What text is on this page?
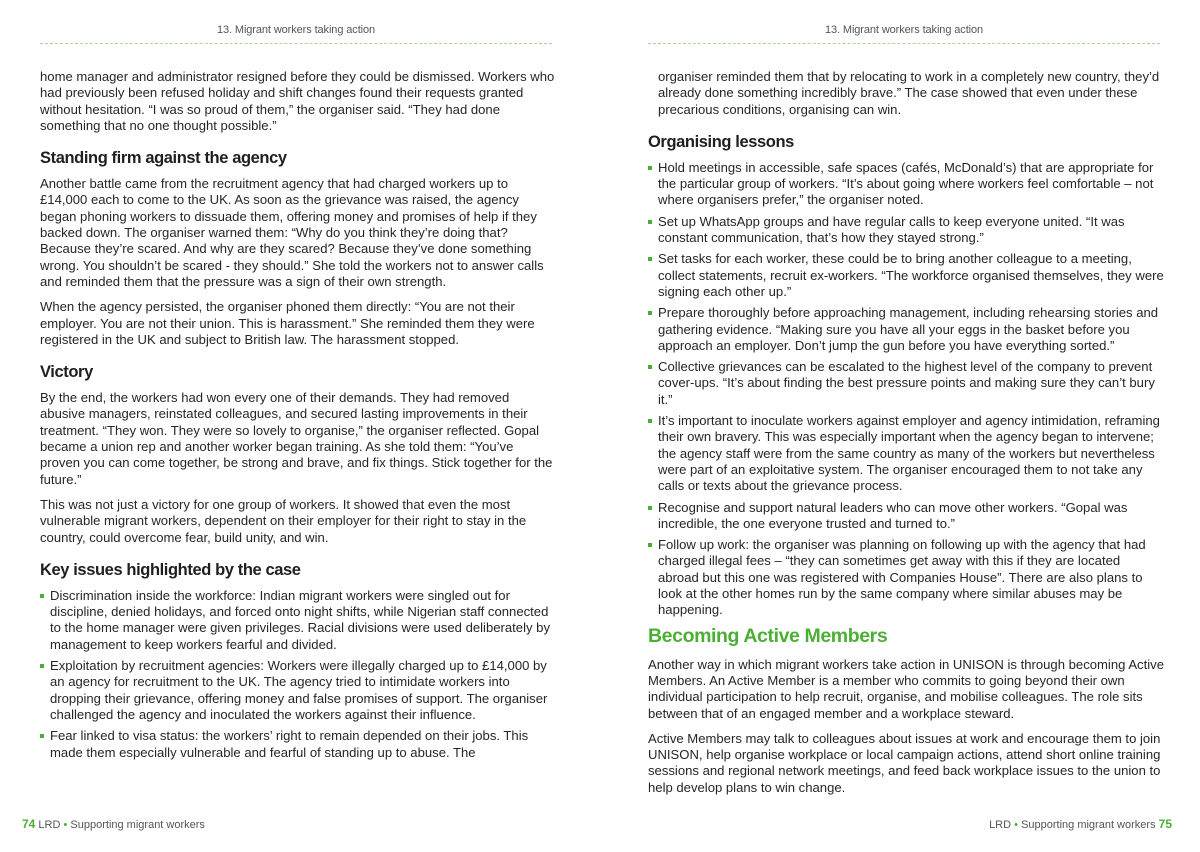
13. Migrant workers taking action

home manager and administrator resigned before they could be dismissed. Workers who had previously been refused holiday and shift changes found their requests granted without hesitation. “I was so proud of them,” the organiser said. “They had done something that no one thought possible.”

Standing firm against the agency

Another battle came from the recruitment agency that had charged workers up to £14,000 each to come to the UK. As soon as the grievance was raised, the agency began phoning workers to dissuade them, offering money and promises of help if they backed down. The organiser warned them: “Why do you think they’re doing that? Because they’re scared. And why are they scared? Because they’ve done something wrong. You shouldn’t be scared - they should.” She told the workers not to answer calls and reminded them that the pressure was a sign of their own strength.

When the agency persisted, the organiser phoned them directly: “You are not their employer. You are not their union. This is harassment.” She reminded them they were registered in the UK and subject to British law. The harassment stopped.

Victory

By the end, the workers had won every one of their demands. They had removed abusive managers, reinstated colleagues, and secured lasting improvements in their treatment. “They won. They were so lovely to organise,” the organiser reflected. Gopal became a union rep and another worker began training. As she told them: “You’ve proven you can come together, be strong and brave, and fix things. Stick together for the future.”

This was not just a victory for one group of workers. It showed that even the most vulnerable migrant workers, dependent on their employer for their right to stay in the country, could overcome fear, build unity, and win.

Key issues highlighted by the case
Discrimination inside the workforce: Indian migrant workers were singled out for discipline, denied holidays, and forced onto night shifts, while Nigerian staff connected to the home manager were given privileges. Racial divisions were used deliberately by management to keep workers fearful and divided.
Exploitation by recruitment agencies: Workers were illegally charged up to £14,000 by an agency for recruitment to the UK. The agency tried to intimidate workers into dropping their grievance, offering money and false promises of support. The organiser challenged the agency and inoculated the workers against their influence.
Fear linked to visa status: the workers’ right to remain depended on their jobs. This made them especially vulnerable and fearful of standing up to abuse. The
74 LRD • Supporting migrant workers
13. Migrant workers taking action

organiser reminded them that by relocating to work in a completely new country, they’d already done something incredibly brave.” The case showed that even under these precarious conditions, organising can win.

Organising lessons
Hold meetings in accessible, safe spaces (cafés, McDonald’s) that are appropriate for the particular group of workers. “It’s about going where workers feel comfortable – not where organisers prefer,” the organiser noted.
Set up WhatsApp groups and have regular calls to keep everyone united. “It was constant communication, that’s how they stayed strong.”
Set tasks for each worker, these could be to bring another colleague to a meeting, collect statements, recruit ex-workers. “The workforce organised themselves, they were signing each other up.”
Prepare thoroughly before approaching management, including rehearsing stories and gathering evidence. “Making sure you have all your eggs in the basket before you approach an employer. Don’t jump the gun before you have everything sorted.”
Collective grievances can be escalated to the highest level of the company to prevent cover-ups. “It’s about finding the best pressure points and making sure they can’t bury it.”
It’s important to inoculate workers against employer and agency intimidation, reframing their own bravery. This was especially important when the agency began to intervene; the agency staff were from the same country as many of the workers but nevertheless were part of an exploitative system. The organiser encouraged them to not take any calls or texts about the grievance process.
Recognise and support natural leaders who can move other workers. “Gopal was incredible, the one everyone trusted and turned to.”
Follow up work: the organiser was planning on following up with the agency that had charged illegal fees – “they can sometimes get away with this if they are located abroad but this one was registered with Companies House”. There are also plans to look at the other homes run by the same company where similar abuses may be happening.
Becoming Active Members

Another way in which migrant workers take action in UNISON is through becoming Active Members. An Active Member is a member who commits to going beyond their own individual participation to help recruit, organise, and mobilise colleagues. The role sits between that of an engaged member and a workplace steward.

Active Members may talk to colleagues about issues at work and encourage them to join UNISON, help organise workplace or local campaign actions, attend short online training sessions and regional network meetings, and feed back workplace issues to the union to help develop plans to win change.

LRD • Supporting migrant workers 75
